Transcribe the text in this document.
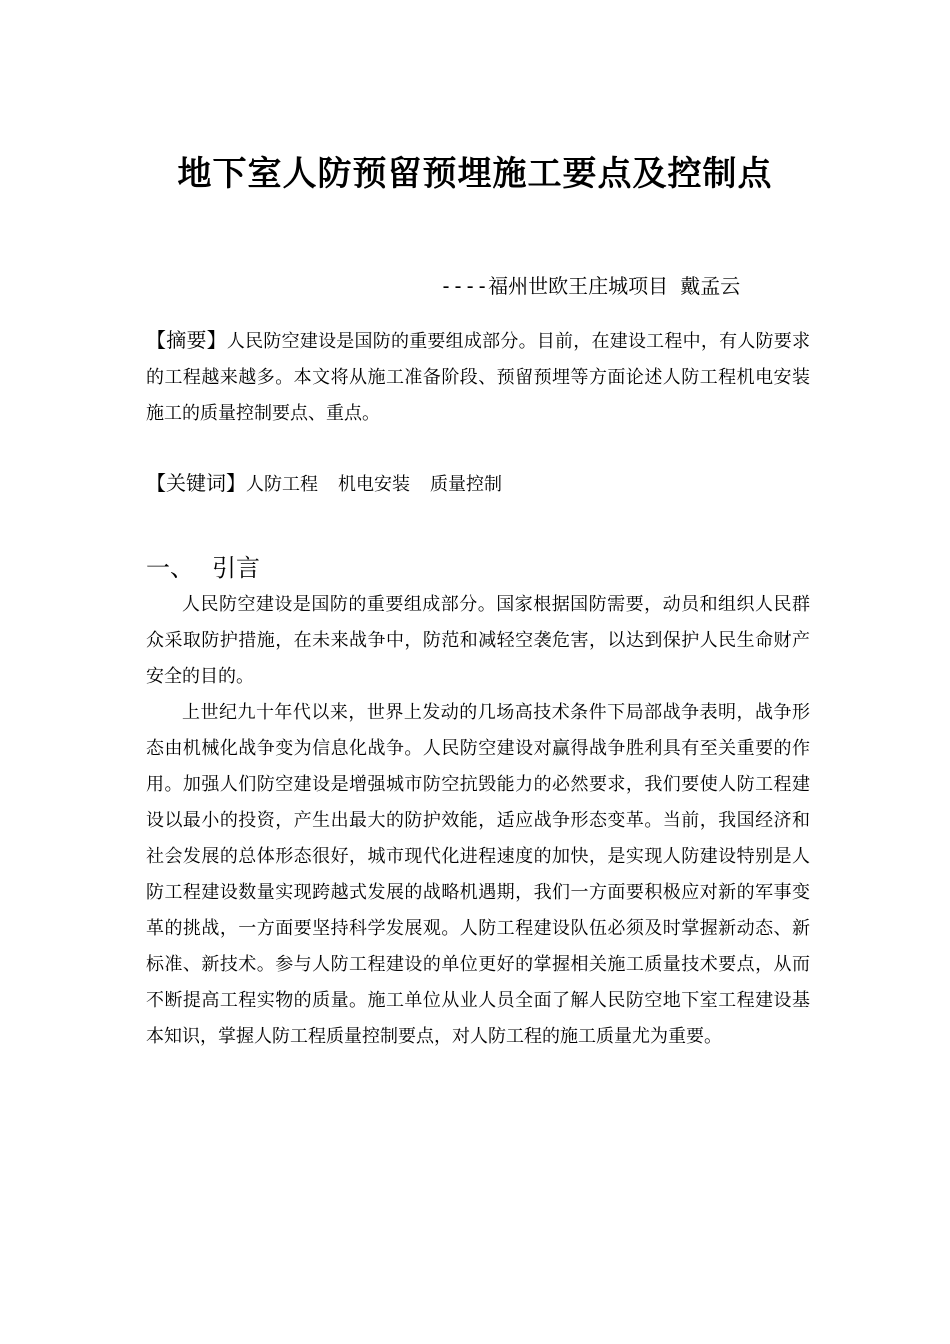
地下室人防预留预埋施工要点及控制点
----福州世欧王庄城项目 戴孟云
【摘要】人民防空建设是国防的重要组成部分。目前，在建设工程中，有人防要求的工程越来越多。本文将从施工准备阶段、预留预埋等方面论述人防工程机电安装施工的质量控制要点、重点。
【关键词】人防工程 机电安装 质量控制
一、 引言

人民防空建设是国防的重要组成部分。国家根据国防需要，动员和组织人民群众采取防护措施，在未来战争中，防范和减轻空袭危害，以达到保护人民生命财产安全的目的。

上世纪九十年代以来，世界上发动的几场高技术条件下局部战争表明，战争形态由机械化战争变为信息化战争。人民防空建设对赢得战争胜利具有至关重要的作用。加强人们防空建设是增强城市防空抗毁能力的必然要求，我们要使人防工程建设以最小的投资，产生出最大的防护效能，适应战争形态变革。当前，我国经济和社会发展的总体形态很好，城市现代化进程速度的加快，是实现人防建设特别是人防工程建设数量实现跨越式发展的战略机遇期，我们一方面要积极应对新的军事变革的挑战，一方面要坚持科学发展观。人防工程建设队伍必须及时掌握新动态、新标准、新技术。参与人防工程建设的单位更好的掌握相关施工质量技术要点，从而不断提高工程实物的质量。施工单位从业人员全面了解人民防空地下室工程建设基本知识，掌握人防工程质量控制要点，对人防工程的施工质量尤为重要。
